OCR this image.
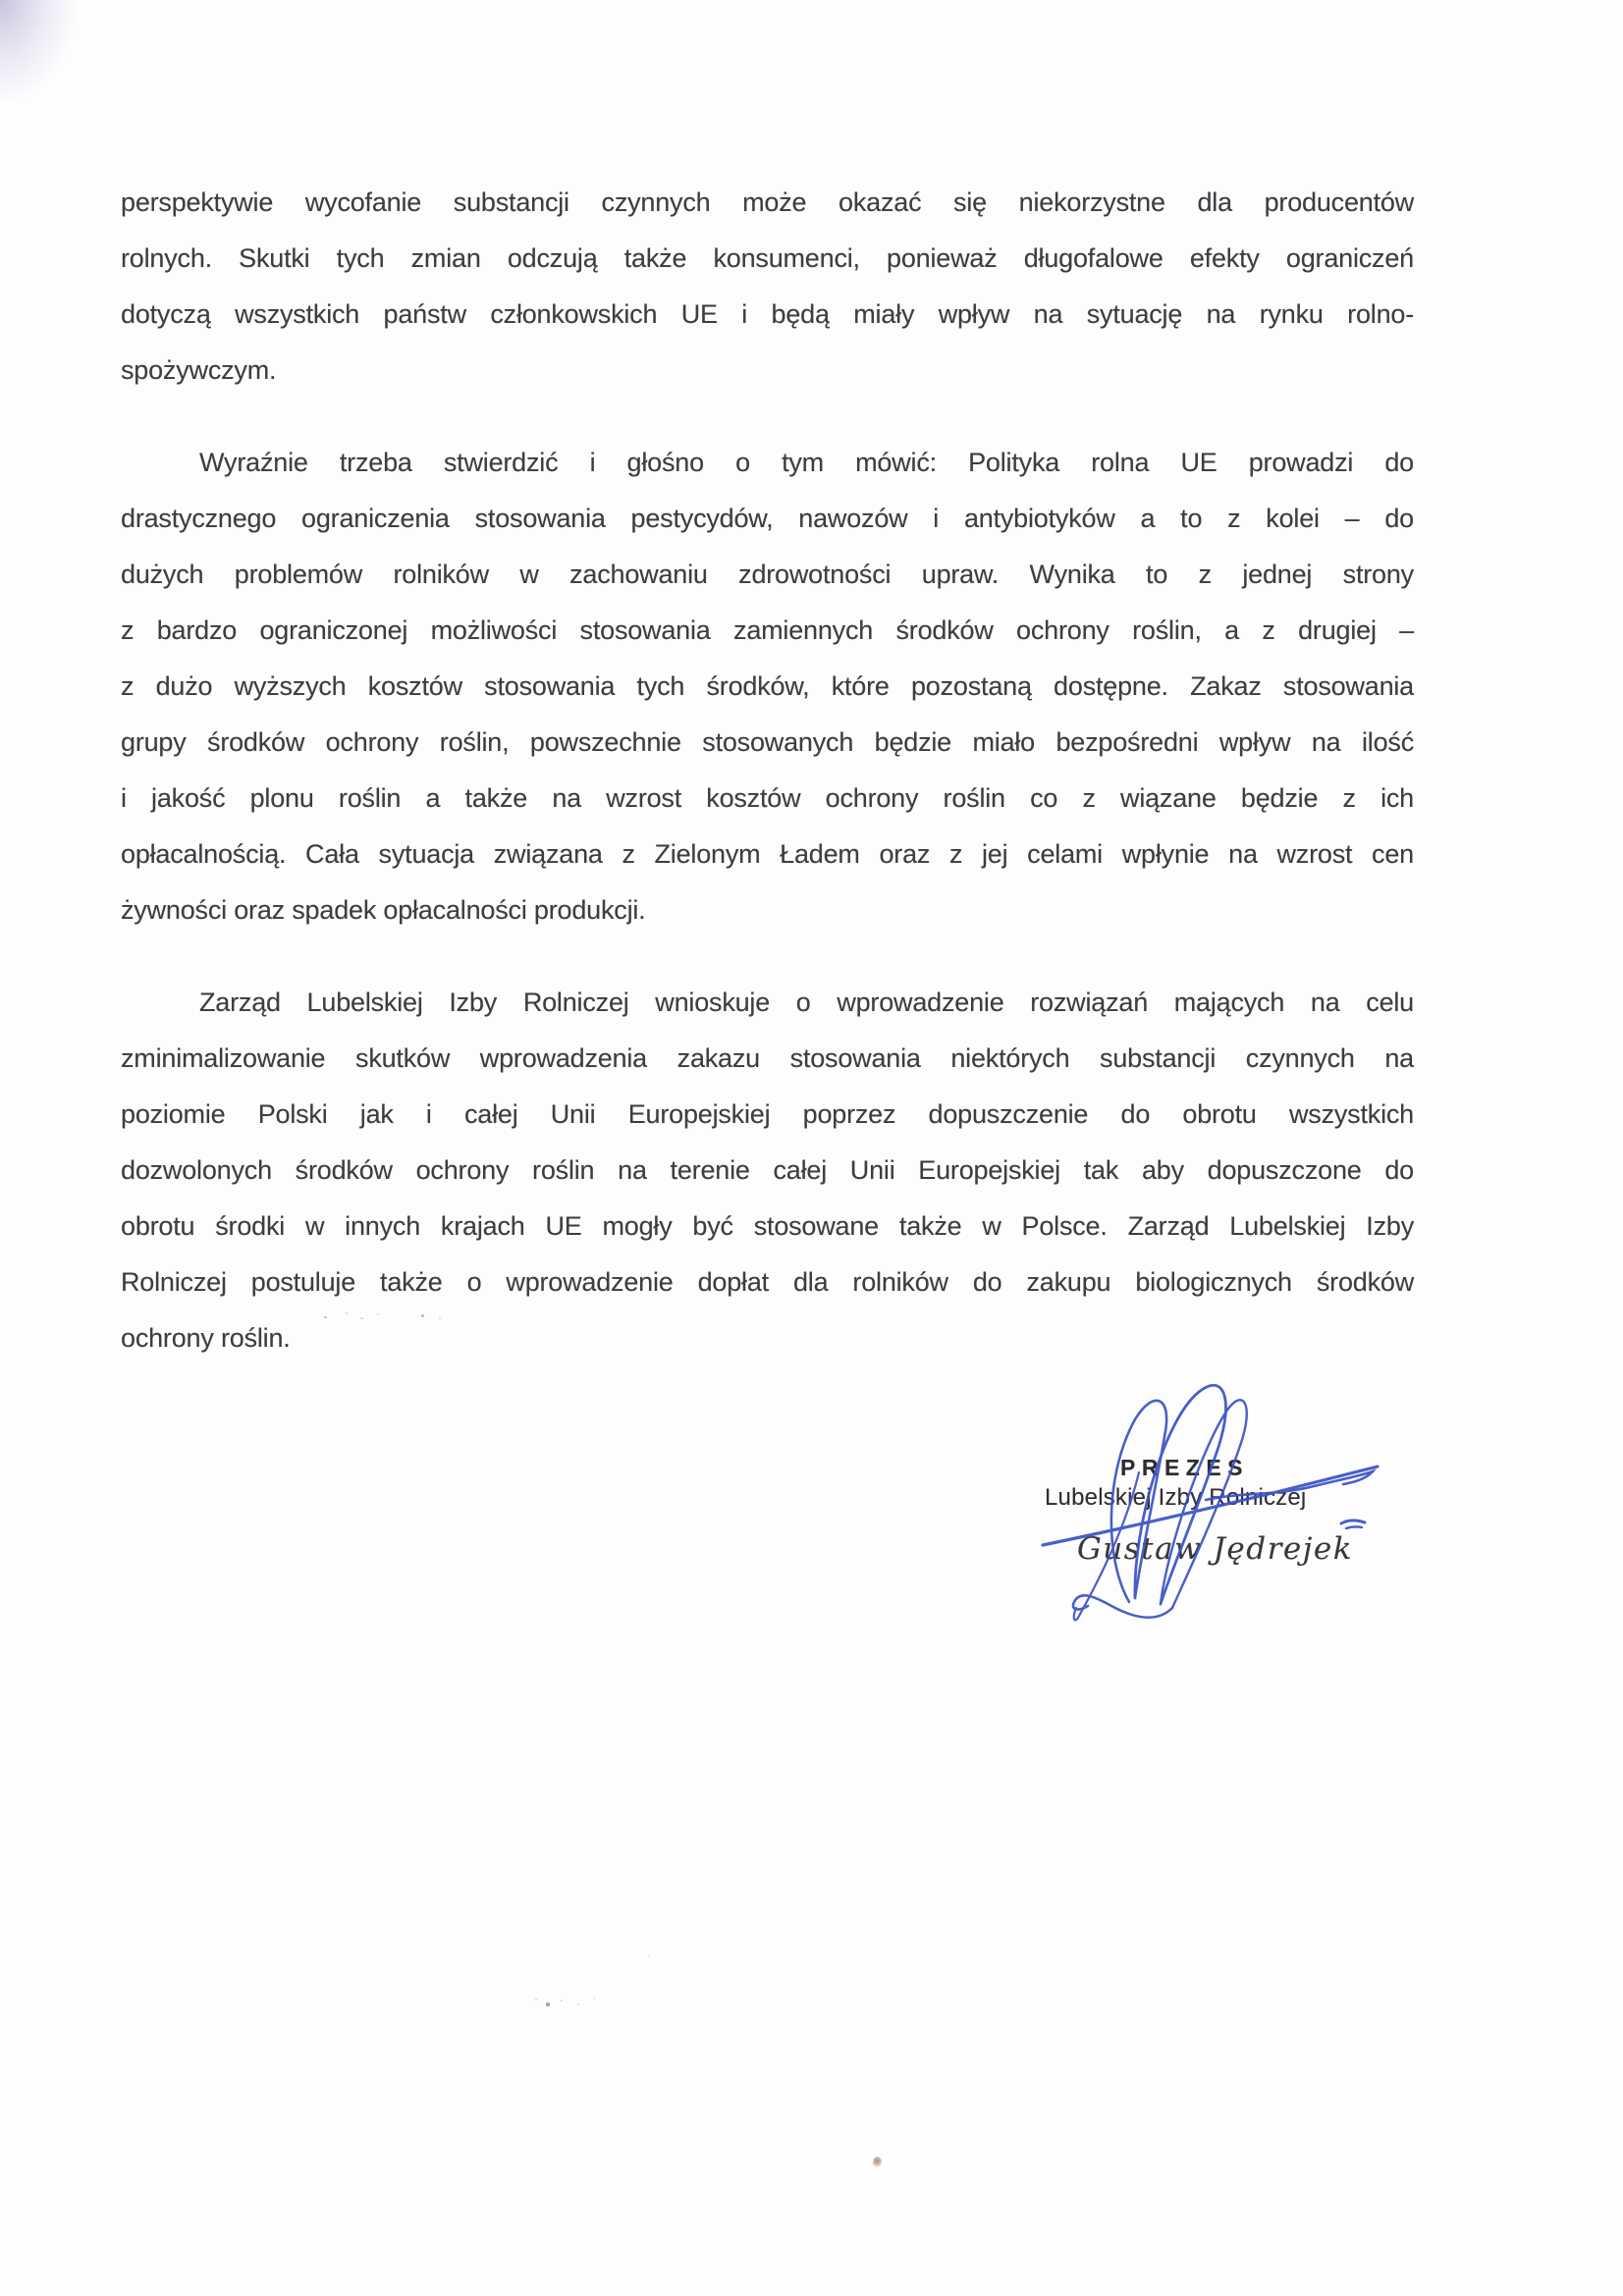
perspektywie wycofanie substancji czynnych może okazać się niekorzystne dla producentów
rolnych. Skutki tych zmian odczują także konsumenci, ponieważ długofalowe efekty ograniczeń
dotyczą wszystkich państw członkowskich UE i będą miały wpływ na sytuację na rynku rolno-
spożywczym.
Wyraźnie trzeba stwierdzić i głośno o tym mówić: Polityka rolna UE prowadzi do
drastycznego ograniczenia stosowania pestycydów, nawozów i antybiotyków a to z kolei – do
dużych problemów rolników w zachowaniu zdrowotności upraw. Wynika to z jednej strony
z bardzo ograniczonej możliwości stosowania zamiennych środków ochrony roślin, a z drugiej –
z dużo wyższych kosztów stosowania tych środków, które pozostaną dostępne. Zakaz stosowania
grupy środków ochrony roślin, powszechnie stosowanych będzie miało bezpośredni wpływ na ilość
i jakość plonu roślin a także na wzrost kosztów ochrony roślin co z wiązane będzie z ich
opłacalnością. Cała sytuacja związana z Zielonym Ładem oraz z jej celami wpłynie na wzrost cen
żywności oraz spadek opłacalności produkcji.
Zarząd Lubelskiej Izby Rolniczej wnioskuje o wprowadzenie rozwiązań mających na celu
zminimalizowanie skutków wprowadzenia zakazu stosowania niektórych substancji czynnych na
poziomie Polski jak i całej Unii Europejskiej poprzez dopuszczenie do obrotu wszystkich
dozwolonych środków ochrony roślin na terenie całej Unii Europejskiej tak aby dopuszczone do
obrotu środki w innych krajach UE mogły być stosowane także w Polsce. Zarząd Lubelskiej Izby
Rolniczej postuluje także o wprowadzenie dopłat dla rolników do zakupu biologicznych środków
ochrony roślin.
PREZES
Lubelskiej Izby Rolniczej
Gustaw Jędrejek
